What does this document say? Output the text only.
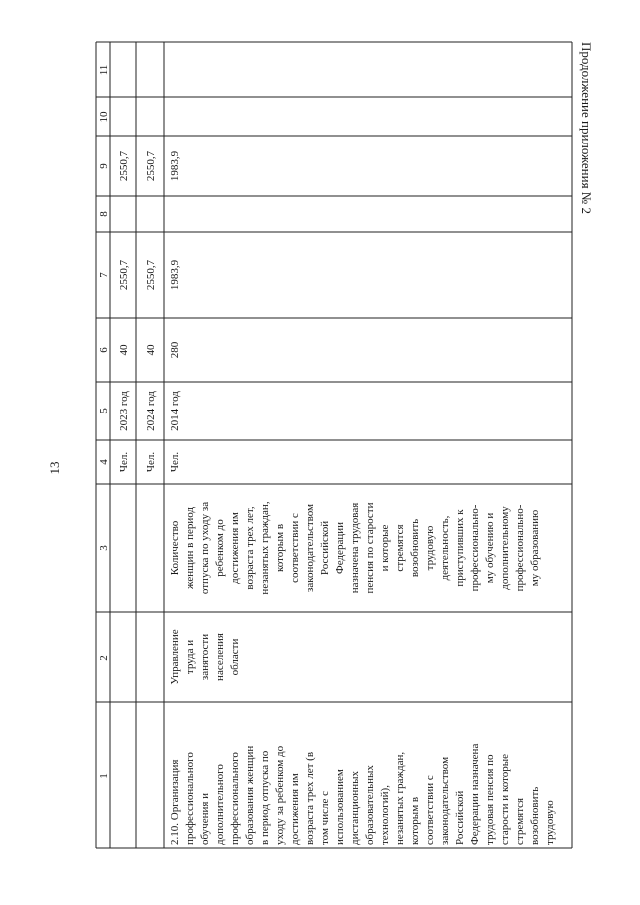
13
Продолжение приложения № 2
1
2
3
4
5
6
7
8
9
10
11
Чел.
2023 год
40
2550,7
2550,7
Чел.
2024 год
40
2550,7
2550,7
2.10. Организация профессионального обучения и дополнительного профессионального образования женщин в период отпуска по уходу за ребенком до достижения им возраста трех лет (в том числе с использованием дистанционных образовательных технологий), незанятых граждан, которым в соответствии с законодательством Российской Федерации назначена трудовая пенсия по старости и которые стремятся возобновить трудовую
Управление труда и занятости населения области
Количество женщин в период отпуска по уходу за ребенком до достижения им возраста трех лет, незанятых граждан, которым в соответствии с законодательством Российской Федерации назначена трудовая пенсия по старости и которые стремятся возобновить трудовую деятельность, приступивших к профессионально- му обучению и дополнительному профессионально- му образованию
Чел.
2014 год
280
1983,9
1983,9
